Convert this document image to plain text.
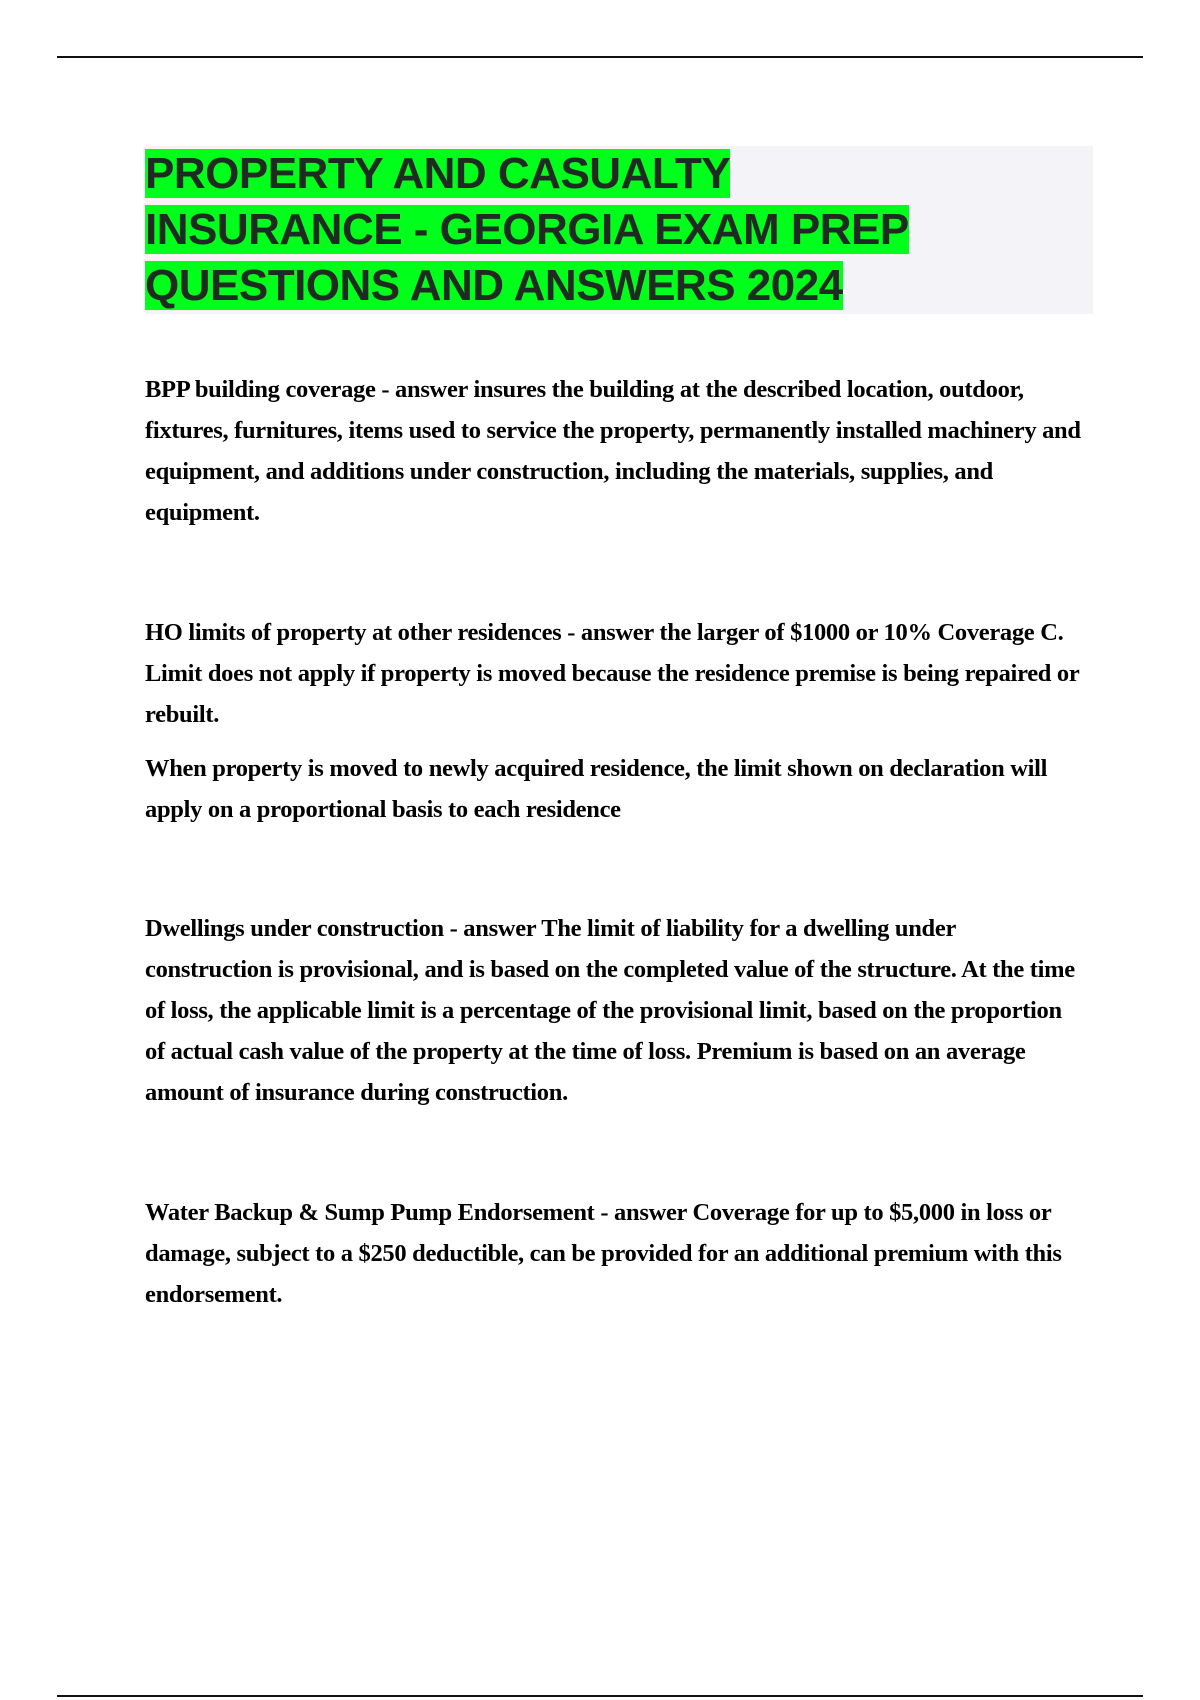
PROPERTY AND CASUALTY
INSURANCE - GEORGIA EXAM PREP
QUESTIONS AND ANSWERS 2024

BPP building coverage - answer insures the building at the described location, outdoor, fixtures, furnitures, items used to service the property, permanently installed machinery and equipment, and additions under construction, including the materials, supplies, and equipment.

HO limits of property at other residences - answer the larger of $1000 or 10% Coverage C. Limit does not apply if property is moved because the residence premise is being repaired or rebuilt.

When property is moved to newly acquired residence, the limit shown on declaration will apply on a proportional basis to each residence

Dwellings under construction - answer The limit of liability for a dwelling under construction is provisional, and is based on the completed value of the structure. At the time of loss, the applicable limit is a percentage of the provisional limit, based on the proportion of actual cash value of the property at the time of loss. Premium is based on an average amount of insurance during construction.

Water Backup & Sump Pump Endorsement - answer Coverage for up to $5,000 in loss or damage, subject to a $250 deductible, can be provided for an additional premium with this endorsement.
